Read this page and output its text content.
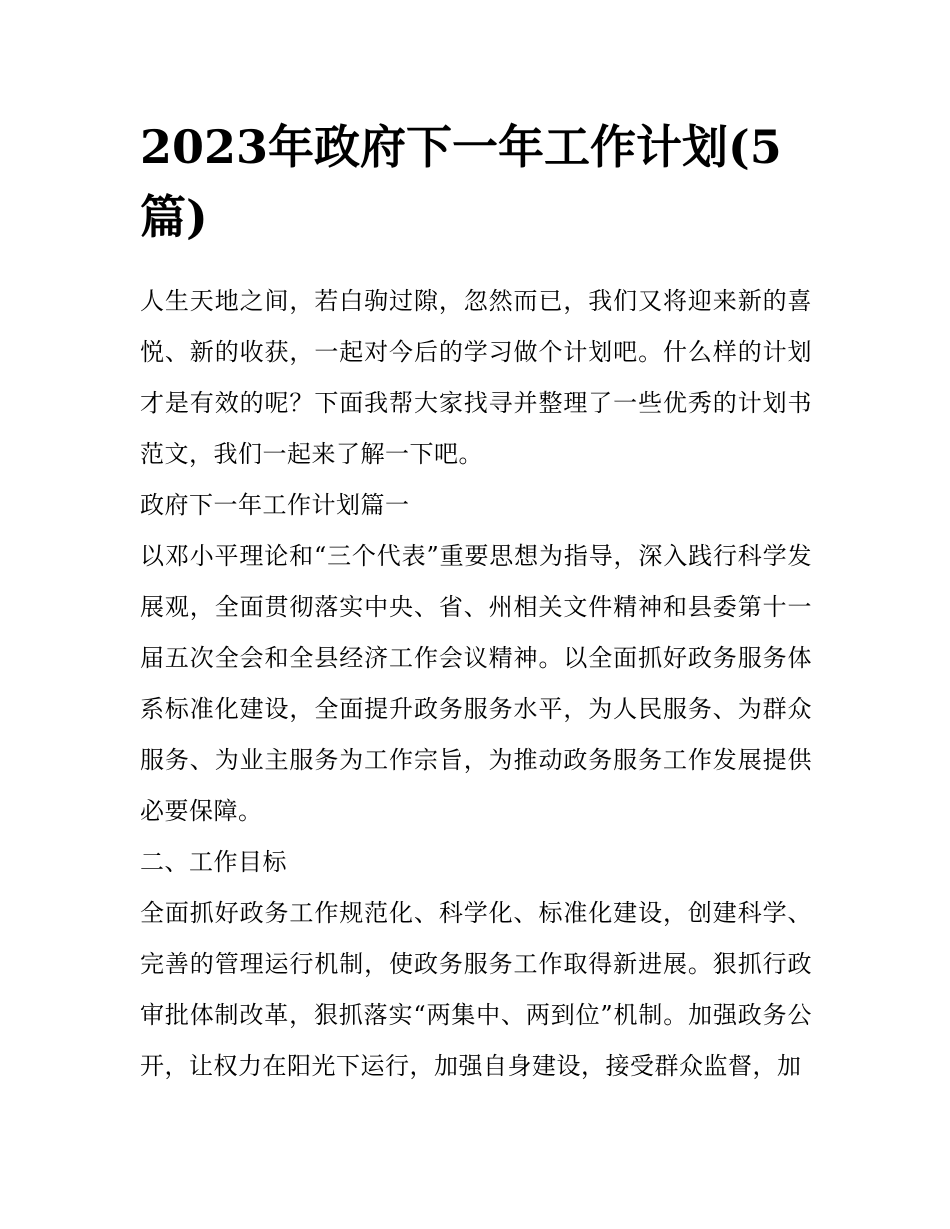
2023年政府下一年工作计划(5篇)

人生天地之间，若白驹过隙，忽然而已，我们又将迎来新的喜悦、新的收获，一起对今后的学习做个计划吧。什么样的计划才是有效的呢？下面我帮大家找寻并整理了一些优秀的计划书范文，我们一起来了解一下吧。

政府下一年工作计划篇一

以邓小平理论和“三个代表”重要思想为指导，深入践行科学发展观，全面贯彻落实中央、省、州相关文件精神和县委第十一届五次全会和全县经济工作会议精神。以全面抓好政务服务体系标准化建设，全面提升政务服务水平，为人民服务、为群众服务、为业主服务为工作宗旨，为推动政务服务工作发展提供必要保障。

二、工作目标

全面抓好政务工作规范化、科学化、标准化建设，创建科学、完善的管理运行机制，使政务服务工作取得新进展。狠抓行政审批体制改革，狠抓落实“两集中、两到位”机制。加强政务公开，让权力在阳光下运行，加强自身建设，接受群众监督，加
